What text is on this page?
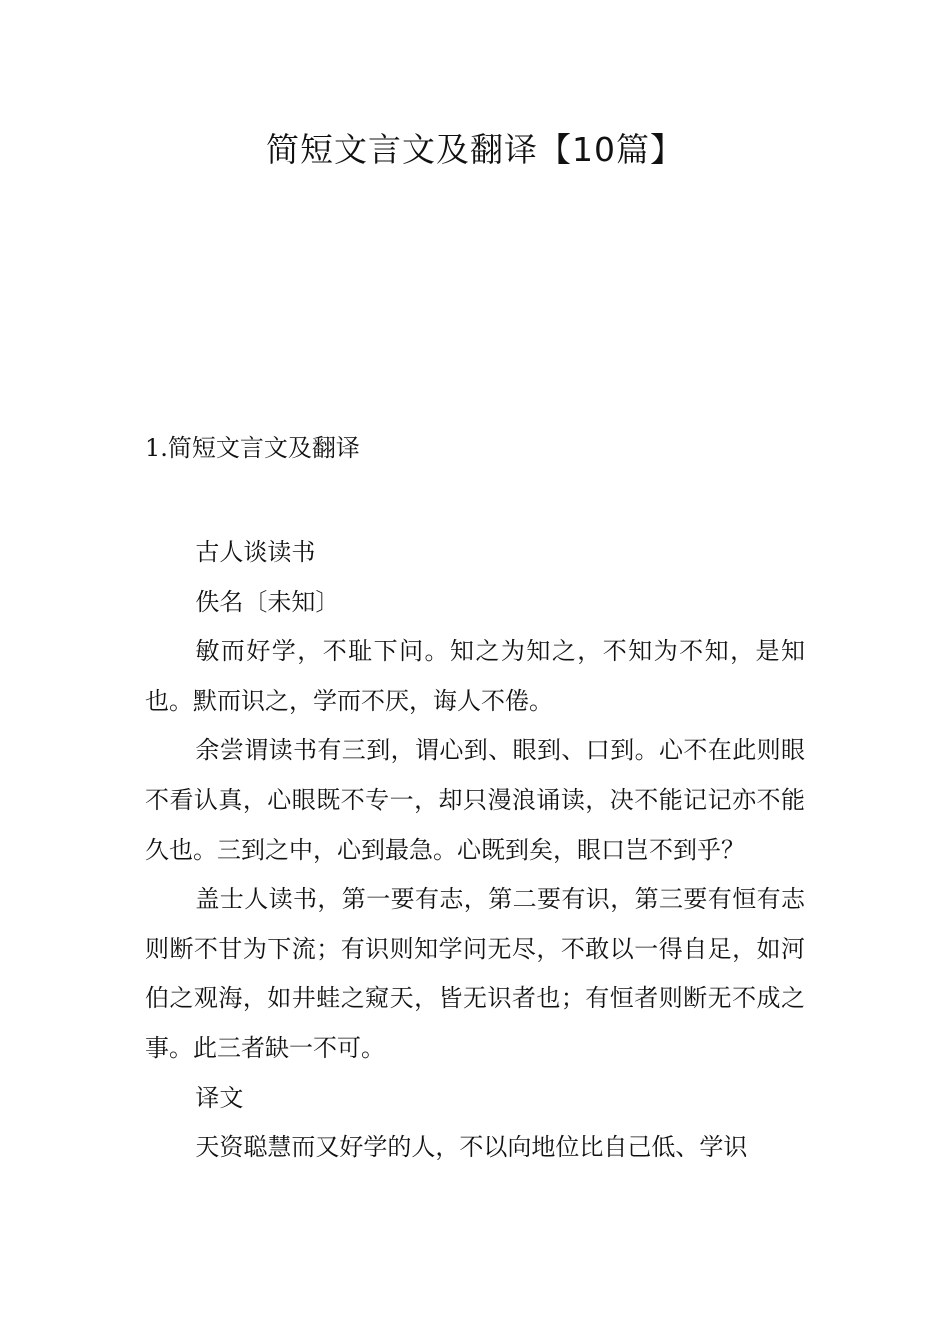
简短文言文及翻译【10篇】
1.简短文言文及翻译

古人谈读书

佚名〔未知〕

敏而好学，不耻下问。知之为知之，不知为不知，是知也。默而识之，学而不厌，诲人不倦。

余尝谓读书有三到，谓心到、眼到、口到。心不在此则眼不看认真，心眼既不专一，却只漫浪诵读，决不能记记亦不能久也。三到之中，心到最急。心既到矣，眼口岂不到乎？

盖士人读书，第一要有志，第二要有识，第三要有恒有志则断不甘为下流；有识则知学问无尽，不敢以一得自足，如河伯之观海，如井蛙之窥天，皆无识者也；有恒者则断无不成之事。此三者缺一不可。

译文

天资聪慧而又好学的人，不以向地位比自己低、学识
